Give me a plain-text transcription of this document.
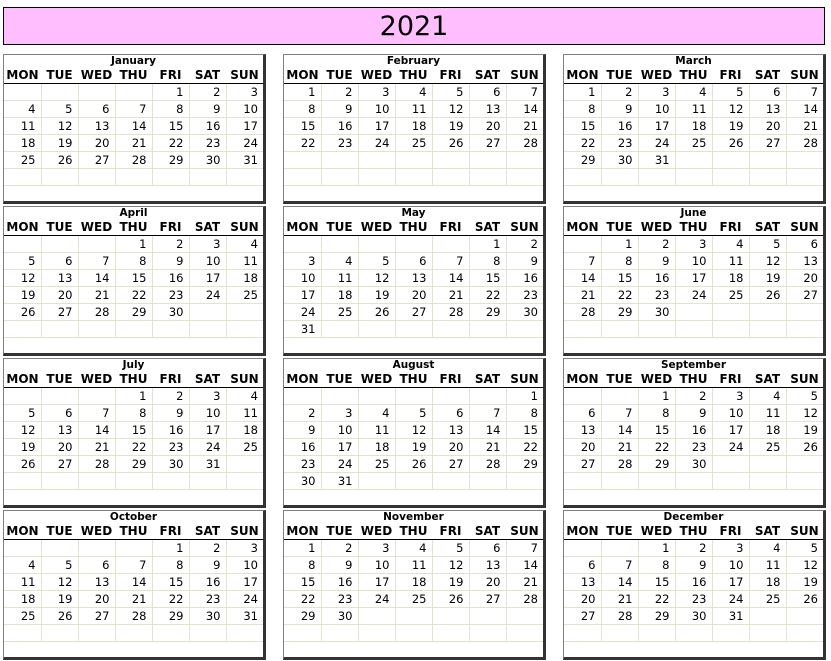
2021
January
MON	TUE	WED	THU	FRI	SAT	SUN
				1	2	3
4	5	6	7	8	9	10
11	12	13	14	15	16	17
18	19	20	21	22	23	24
25	26	27	28	29	30	31

February
MON	TUE	WED	THU	FRI	SAT	SUN
1	2	3	4	5	6	7
8	9	10	11	12	13	14
15	16	17	18	19	20	21
22	23	24	25	26	27	28

March
MON	TUE	WED	THU	FRI	SAT	SUN
1	2	3	4	5	6	7
8	9	10	11	12	13	14
15	16	17	18	19	20	21
22	23	24	25	26	27	28
29	30	31				

April
MON	TUE	WED	THU	FRI	SAT	SUN
			1	2	3	4
5	6	7	8	9	10	11
12	13	14	15	16	17	18
19	20	21	22	23	24	25
26	27	28	29	30		

May
MON	TUE	WED	THU	FRI	SAT	SUN
					1	2
3	4	5	6	7	8	9
10	11	12	13	14	15	16
17	18	19	20	21	22	23
24	25	26	27	28	29	30
31						
June
MON	TUE	WED	THU	FRI	SAT	SUN
	1	2	3	4	5	6
7	8	9	10	11	12	13
14	15	16	17	18	19	20
21	22	23	24	25	26	27
28	29	30				

July
MON	TUE	WED	THU	FRI	SAT	SUN
			1	2	3	4
5	6	7	8	9	10	11
12	13	14	15	16	17	18
19	20	21	22	23	24	25
26	27	28	29	30	31	

August
MON	TUE	WED	THU	FRI	SAT	SUN
						1
2	3	4	5	6	7	8
9	10	11	12	13	14	15
16	17	18	19	20	21	22
23	24	25	26	27	28	29
30	31					
September
MON	TUE	WED	THU	FRI	SAT	SUN
		1	2	3	4	5
6	7	8	9	10	11	12
13	14	15	16	17	18	19
20	21	22	23	24	25	26
27	28	29	30			

October
MON	TUE	WED	THU	FRI	SAT	SUN
				1	2	3
4	5	6	7	8	9	10
11	12	13	14	15	16	17
18	19	20	21	22	23	24
25	26	27	28	29	30	31

November
MON	TUE	WED	THU	FRI	SAT	SUN
1	2	3	4	5	6	7
8	9	10	11	12	13	14
15	16	17	18	19	20	21
22	23	24	25	26	27	28
29	30					

December
MON	TUE	WED	THU	FRI	SAT	SUN
		1	2	3	4	5
6	7	8	9	10	11	12
13	14	15	16	17	18	19
20	21	22	23	24	25	26
27	28	29	30	31		
